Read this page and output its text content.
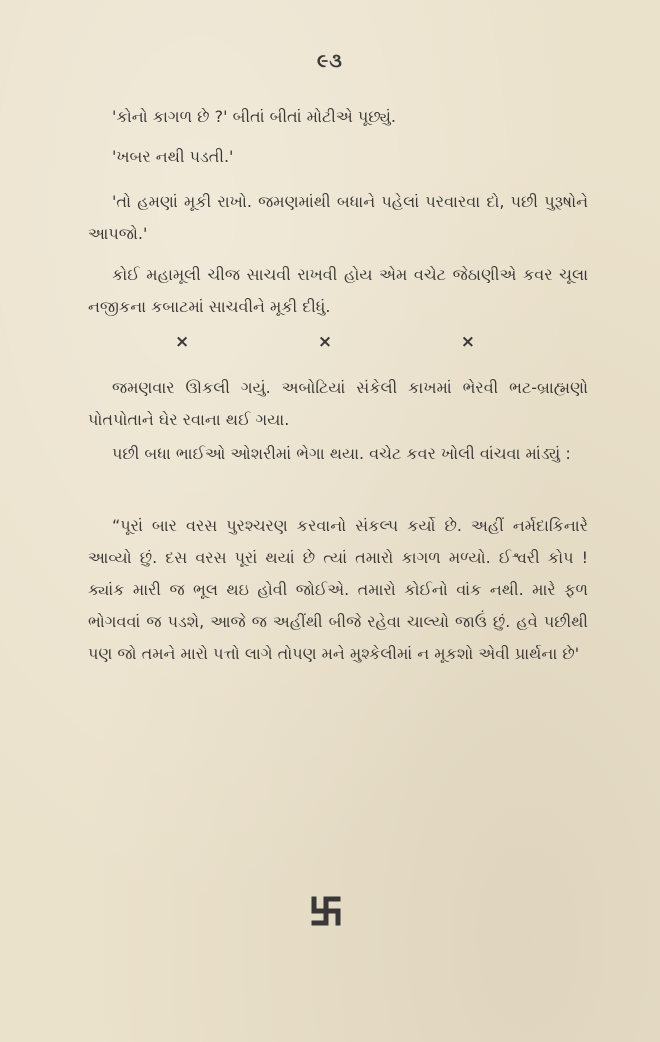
૯૩

'કોનો કાગળ છે ?' બીતાં બીતાં મોટીએ પૂછ્યું.

'ખબર નથી પડતી.'

'તો હમણાં મૂકી રાખો. જમણમાંથી બધાને પહેલાં પરવારવા દો, પછી પુરૂષોને આપજો.'

કોઈ મહામૂલી ચીજ સાચવી રાખવી હોય એમ વચેટ જેઠાણીએ કવર ચૂલા નજીકના કબાટમાં સાચવીને મૂકી દીધું.

×	×	×

જમણવાર ઊકલી ગયું. અબોટિયાં સંકેલી કાખમાં ભેરવી ભટ-બ્રાહ્મણો પોતપોતાને ઘેર રવાના થઈ ગયા.

પછી બધા ભાઈઓ ઓશરીમાં ભેગા થયા. વચેટ કવર ખોલી વાંચવા માંડ્યું :

“પૂરાં બાર વરસ પુરશ્ચરણ કરવાનો સંકલ્પ કર્યો છે. અહીં નર્મદાકિનારે આવ્યો છું. દસ વરસ પૂરાં થયાં છે ત્યાં તમારો કાગળ મળ્યો. ઈશ્વરી કોપ ! ક્યાંક મારી જ ભૂલ થઇ હોવી જોઈએ. તમારો કોઈનો વાંક નથી. મારે ફળ ભોગવવાં જ પડશે, આજે જ અહીંથી બીજે રહેવા ચાલ્યો જાઉં છું. હવે પછીથી પણ જો તમને મારો પત્તો લાગે તોપણ મને મુશ્કેલીમાં ન મૂકશો એવી પ્રાર્થના છે'
